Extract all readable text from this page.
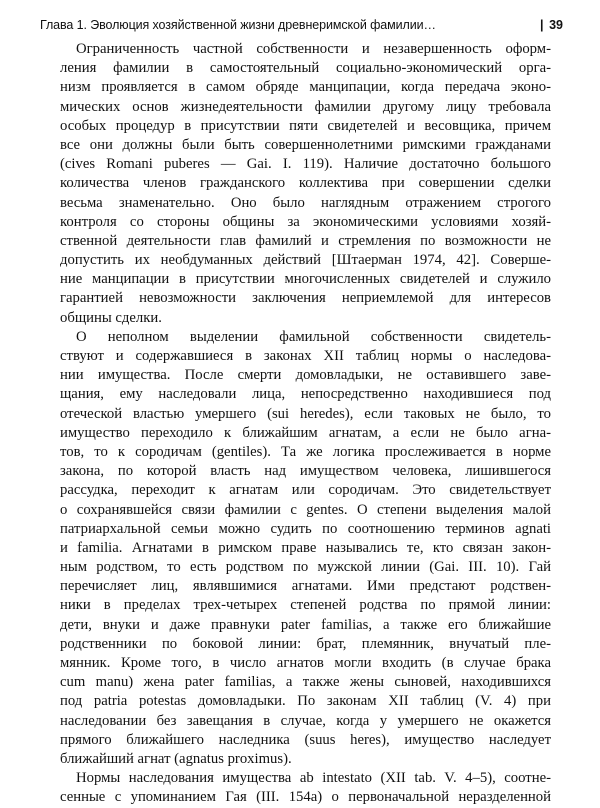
Глава 1. Эволюция хозяйственной жизни древнеримской фамилии…	| 39
Ограниченность частной собственности и незавершенность оформ-
ления фамилии в самостоятельный социально-экономический орга-
низм проявляется в самом обряде манципации, когда передача эконо-
мических основ жизнедеятельности фамилии другому лицу требовала
особых процедур в присутствии пяти свидетелей и весовщика, причем
все они должны были быть совершеннолетними римскими гражданами
(cives Romani puberes — Gai. I. 119). Наличие достаточно большого
количества членов гражданского коллектива при совершении сделки
весьма знаменательно. Оно было наглядным отражением строгого
контроля со стороны общины за экономическими условиями хозяй-
ственной деятельности глав фамилий и стремления по возможности не
допустить их необдуманных действий [Штаерман 1974, 42]. Соверше-
ние манципации в присутствии многочисленных свидетелей и служило
гарантией невозможности заключения неприемлемой для интересов
общины сделки.
О неполном выделении фамильной собственности свидетель-
ствуют и содержавшиеся в законах XII таблиц нормы о наследова-
нии имущества. После смерти домовладыки, не оставившего заве-
щания, ему наследовали лица, непосредственно находившиеся под
отеческой властью умершего (sui heredes), если таковых не было, то
имущество переходило к ближайшим агнатам, а если не было агна-
тов, то к сородичам (gentiles). Та же логика прослеживается в норме
закона, по которой власть над имуществом человека, лишившегося
рассудка, переходит к агнатам или сородичам. Это свидетельствует
о сохранявшейся связи фамилии с gentes. О степени выделения малой
патриархальной семьи можно судить по соотношению терминов agnati
и familia. Агнатами в римском праве назывались те, кто связан закон-
ным родством, то есть родством по мужской линии (Gai. III. 10). Гай
перечисляет лиц, являвшимися агнатами. Ими предстают родствен-
ники в пределах трех-четырех степеней родства по прямой линии:
дети, внуки и даже правнуки pater familias, а также его ближайшие
родственники по боковой линии: брат, племянник, внучатый пле-
мянник. Кроме того, в число агнатов могли входить (в случае брака
cum manu) жена pater familias, а также жены сыновей, находившихся
под patria potestas домовладыки. По законам XII таблиц (V. 4) при
наследовании без завещания в случае, когда у умершего не окажется
прямого ближайшего наследника (suus heres), имущество наследует
ближайший агнат (agnatus proximus).
Нормы наследования имущества ab intestato (XII tab. V. 4–5), соотне-
сенные с упоминанием Гая (III. 154a) о первоначальной неразделенной
